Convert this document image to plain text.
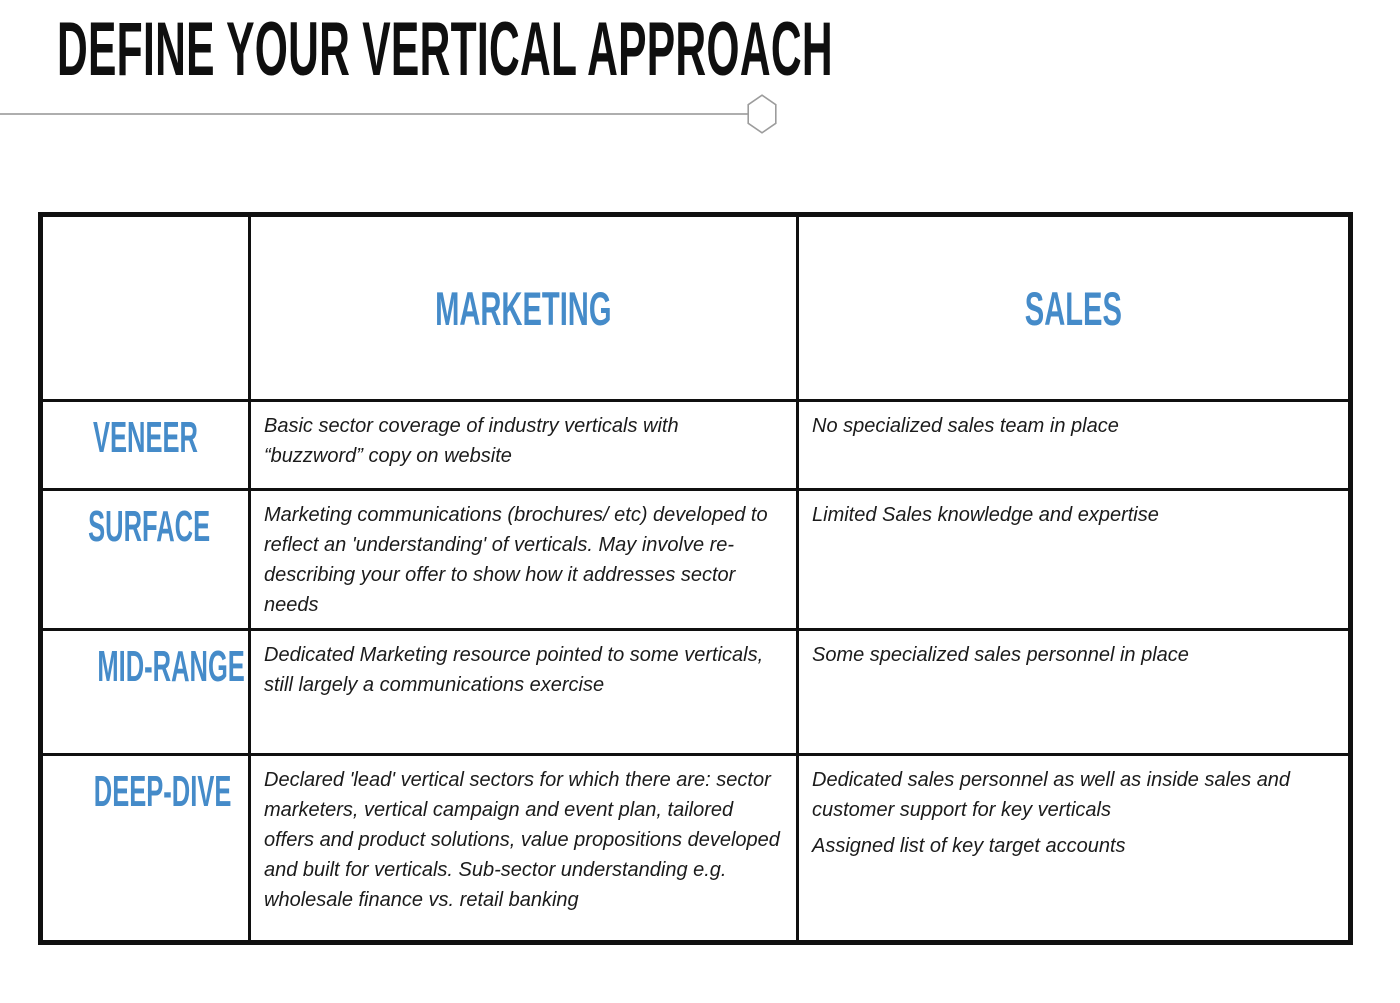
DEFINE YOUR VERTICAL APPROACH
	MARKETING	SALES
VENEER	Basic sector coverage of industry verticals with “buzzword” copy on website	No specialized sales team in place

SURFACE	Marketing communications (brochures/ etc) developed to reflect an 'understanding' of verticals. May involve re-describing your offer to show how it addresses sector needs	Limited Sales knowledge and expertise

MID-RANGE	Dedicated Marketing resource pointed to some verticals, still largely a communications exercise	Some specialized sales personnel in place

DEEP-DIVE	Declared 'lead' vertical sectors for which there are: sector marketers, vertical campaign and event plan, tailored offers and product solutions, value propositions developed and built for verticals. Sub-sector understanding e.g. wholesale finance vs. retail banking	Dedicated sales personnel as well as inside sales and customer support for key verticals

Assigned list of key target accounts
